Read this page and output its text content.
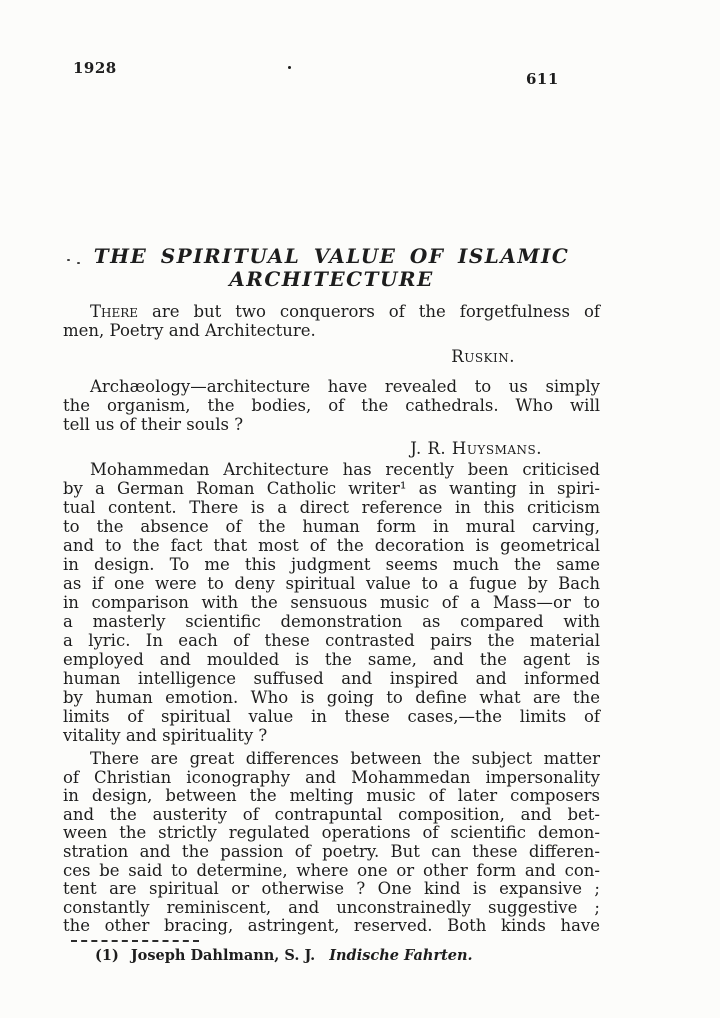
1928
611
THE SPIRITUAL VALUE OF ISLAMIC
ARCHITECTURE
There are but two conquerors of the forgetfulness of
men, Poetry and Architecture.
Ruskin.
Archæology—architecture have revealed to us simply
the organism, the bodies, of the cathedrals. Who will
tell us of their souls ?
J. R. Huysmans.
Mohammedan Architecture has recently been criticised
by a German Roman Catholic writer¹ as wanting in spiri-
tual content. There is a direct reference in this criticism
to the absence of the human form in mural carving,
and to the fact that most of the decoration is geometrical
in design. To me this judgment seems much the same
as if one were to deny spiritual value to a fugue by Bach
in comparison with the sensuous music of a Mass—or to
a masterly scientific demonstration as compared with
a lyric. In each of these contrasted pairs the material
employed and moulded is the same, and the agent is
human intelligence suffused and inspired and informed
by human emotion. Who is going to define what are the
limits of spiritual value in these cases,—the limits of
vitality and spirituality ?
There are great differences between the subject matter
of Christian iconography and Mohammedan impersonality
in design, between the melting music of later composers
and the austerity of contrapuntal composition, and bet-
ween the strictly regulated operations of scientific demon-
stration and the passion of poetry. But can these differen-
ces be said to determine, where one or other form and con-
tent are spiritual or otherwise ? One kind is expansive ;
constantly reminiscent, and unconstrainedly suggestive ;
the other bracing, astringent, reserved. Both kinds have
(1) Joseph Dahlmann, S. J. Indische Fahrten.
